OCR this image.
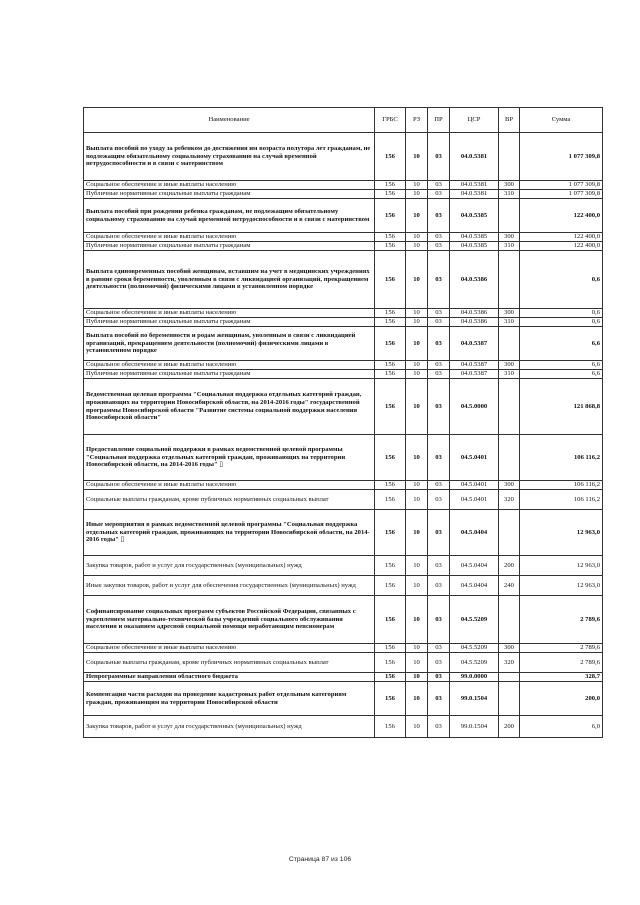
Наименование	ГРБС	РЗ	ПР	ЦСР	ВР	Сумма
Выплата пособий по уходу за ребенком до достижения им возраста полутора лет гражданам, не подлежащим обязательному социальному страхованию на случай временной нетрудоспособности и в связи с материнством	156	10	03	04.0.5381		1 077 309,8
Социальное обеспечение и иные выплаты населению	156	10	03	04.0.5381	300	1 077 309,8
Публичные нормативные социальные выплаты гражданам	156	10	03	04.0.5381	310	1 077 309,8
Выплата пособий при рождении ребенка гражданам, не подлежащим обязательному социальному страхованию на случай временной нетрудоспособности и в связи с материнством	156	10	03	04.0.5385		122 400,0
Социальное обеспечение и иные выплаты населению	156	10	03	04.0.5385	300	122 400,0
Публичные нормативные социальные выплаты гражданам	156	10	03	04.0.5385	310	122 400,0
Выплата единовременных пособий женщинам, вставшим на учет в медицинских учреждениях в ранние сроки беременности, уволенным в связи с ликвидацией организаций, прекращением деятельности (полномочий) физическими лицами в установленном порядке	156	10	03	04.0.5386		0,6
Социальное обеспечение и иные выплаты населению	156	10	03	04.0.5386	300	0,6
Публичные нормативные социальные выплаты гражданам	156	10	03	04.0.5386	310	0,6
Выплата пособий по беременности и родам женщинам, уволенным в связи с ликвидацией организаций, прекращением деятельности (полномочий) физическими лицами в установленном порядке	156	10	03	04.0.5387		6,6
Социальное обеспечение и иные выплаты населению	156	10	03	04.0.5387	300	6,6
Публичные нормативные социальные выплаты гражданам	156	10	03	04.0.5387	310	6,6
Ведомственная целевая программа "Социальная поддержка отдельных категорий граждан, проживающих на территории Новосибирской области, на 2014-2016 годы" государственной программы Новосибирской области "Развитие системы социальной поддержки населения Новосибирской области"	156	10	03	04.5.0000		121 868,8
Предоставление социальной поддержки в рамках ведомственной целевой программы "Социальная поддержка отдельных категорий граждан, проживающих на территории Новосибирской области, на 2014-2016 годы" ▯	156	10	03	04.5.0401		106 116,2
Социальное обеспечение и иные выплаты населению	156	10	03	04.5.0401	300	106 116,2
Социальные выплаты гражданам, кроме публичных нормативных социальных выплат	156	10	03	04.5.0401	320	106 116,2
Иные мероприятия в рамках ведомственной целевой программы "Социальная поддержка отдельных категорий граждан, проживающих на территории Новосибирской области, на 2014-2016 годы" ▯	156	10	03	04.5.0404		12 963,0
Закупка товаров, работ и услуг для государственных (муниципальных) нужд	156	10	03	04.5.0404	200	12 963,0
Иные закупки товаров, работ и услуг для обеспечения государственных (муниципальных) нужд	156	10	03	04.5.0404	240	12 963,0
Софинансирование социальных программ субъектов Российской Федерации, связанных с укреплением материально-технической базы учреждений социального обслуживания населения и оказанием адресной социальной помощи неработающим пенсионерам	156	10	03	04.5.5209		2 789,6
Социальное обеспечение и иные выплаты населению	156	10	03	04.5.5209	300	2 789,6
Социальные выплаты гражданам, кроме публичных нормативных социальных выплат	156	10	03	04.5.5209	320	2 789,6
Непрограммные направления областного бюджета	156	10	03	99.0.0000		328,7
Компенсация части расходов на проведение кадастровых работ отдельным категориям граждан, проживающим на территории Новосибирской области	156	10	03	99.0.1504		200,0
Закупка товаров, работ и услуг для государственных (муниципальных) нужд	156	10	03	99.0.1504	200	6,0
Страница 87 из 106
